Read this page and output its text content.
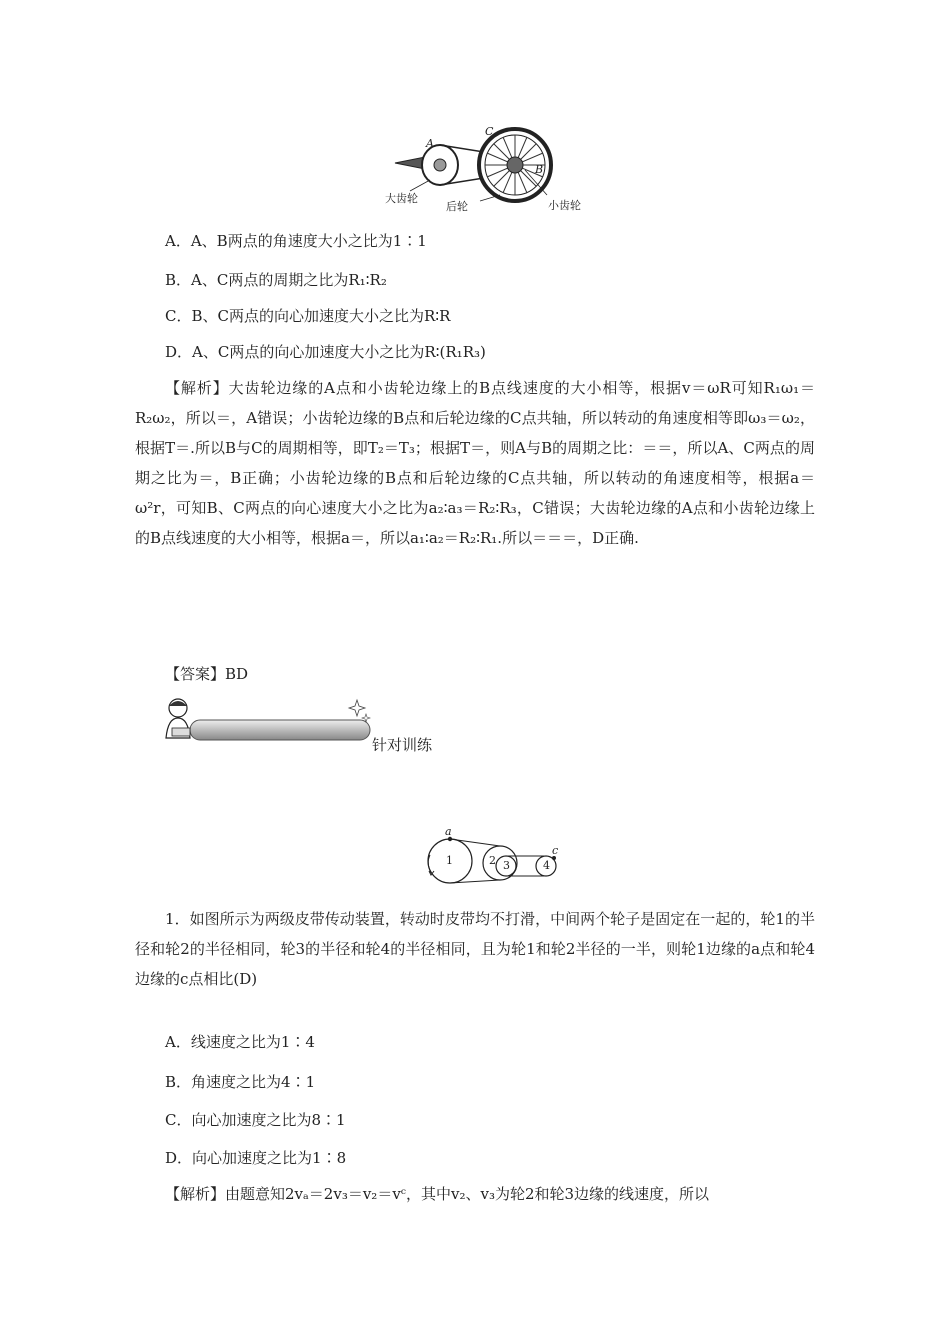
A
C
B
大齿轮
后轮	小齿轮
A．A、B两点的角速度大小之比为1∶1
B．A、C两点的周期之比为R₁∶R₂
C．B、C两点的向心加速度大小之比为R∶R
D．A、C两点的向心加速度大小之比为R∶(R₁R₃)
【解析】大齿轮边缘的A点和小齿轮边缘上的B点线速度的大小相等，根据v＝ωR可知R₁ω₁＝R₂ω₂，所以＝，A错误；小齿轮边缘的B点和后轮边缘的C点共轴，所以转动的角速度相等即ω₃＝ω₂，根据T＝.所以B与C的周期相等，即T₂＝T₃；根据T＝，则A与B的周期之比：＝＝，所以A、C两点的周期之比为＝，B正确；小齿轮边缘的B点和后轮边缘的C点共轴，所以转动的角速度相等，根据a＝ω²r，可知B、C两点的向心速度大小之比为a₂∶a₃＝R₂∶R₃，C错误；大齿轮边缘的A点和小齿轮边缘上的B点线速度的大小相等，根据a＝，所以a₁∶a₂＝R₂∶R₁.所以＝＝＝，D正确.
【答案】BD
针对训练
a
c
1	2 3	4
1．如图所示为两级皮带传动装置，转动时皮带均不打滑，中间两个轮子是固定在一起的，轮1的半径和轮2的半径相同，轮3的半径和轮4的半径相同，且为轮1和轮2半径的一半，则轮1边缘的a点和轮4边缘的c点相比(D)
A．线速度之比为1∶4
B．角速度之比为4∶1
C．向心加速度之比为8∶1
D．向心加速度之比为1∶8
【解析】由题意知2vₐ＝2v₃＝v₂＝vᶜ，其中v₂、v₃为轮2和轮3边缘的线速度，所以
